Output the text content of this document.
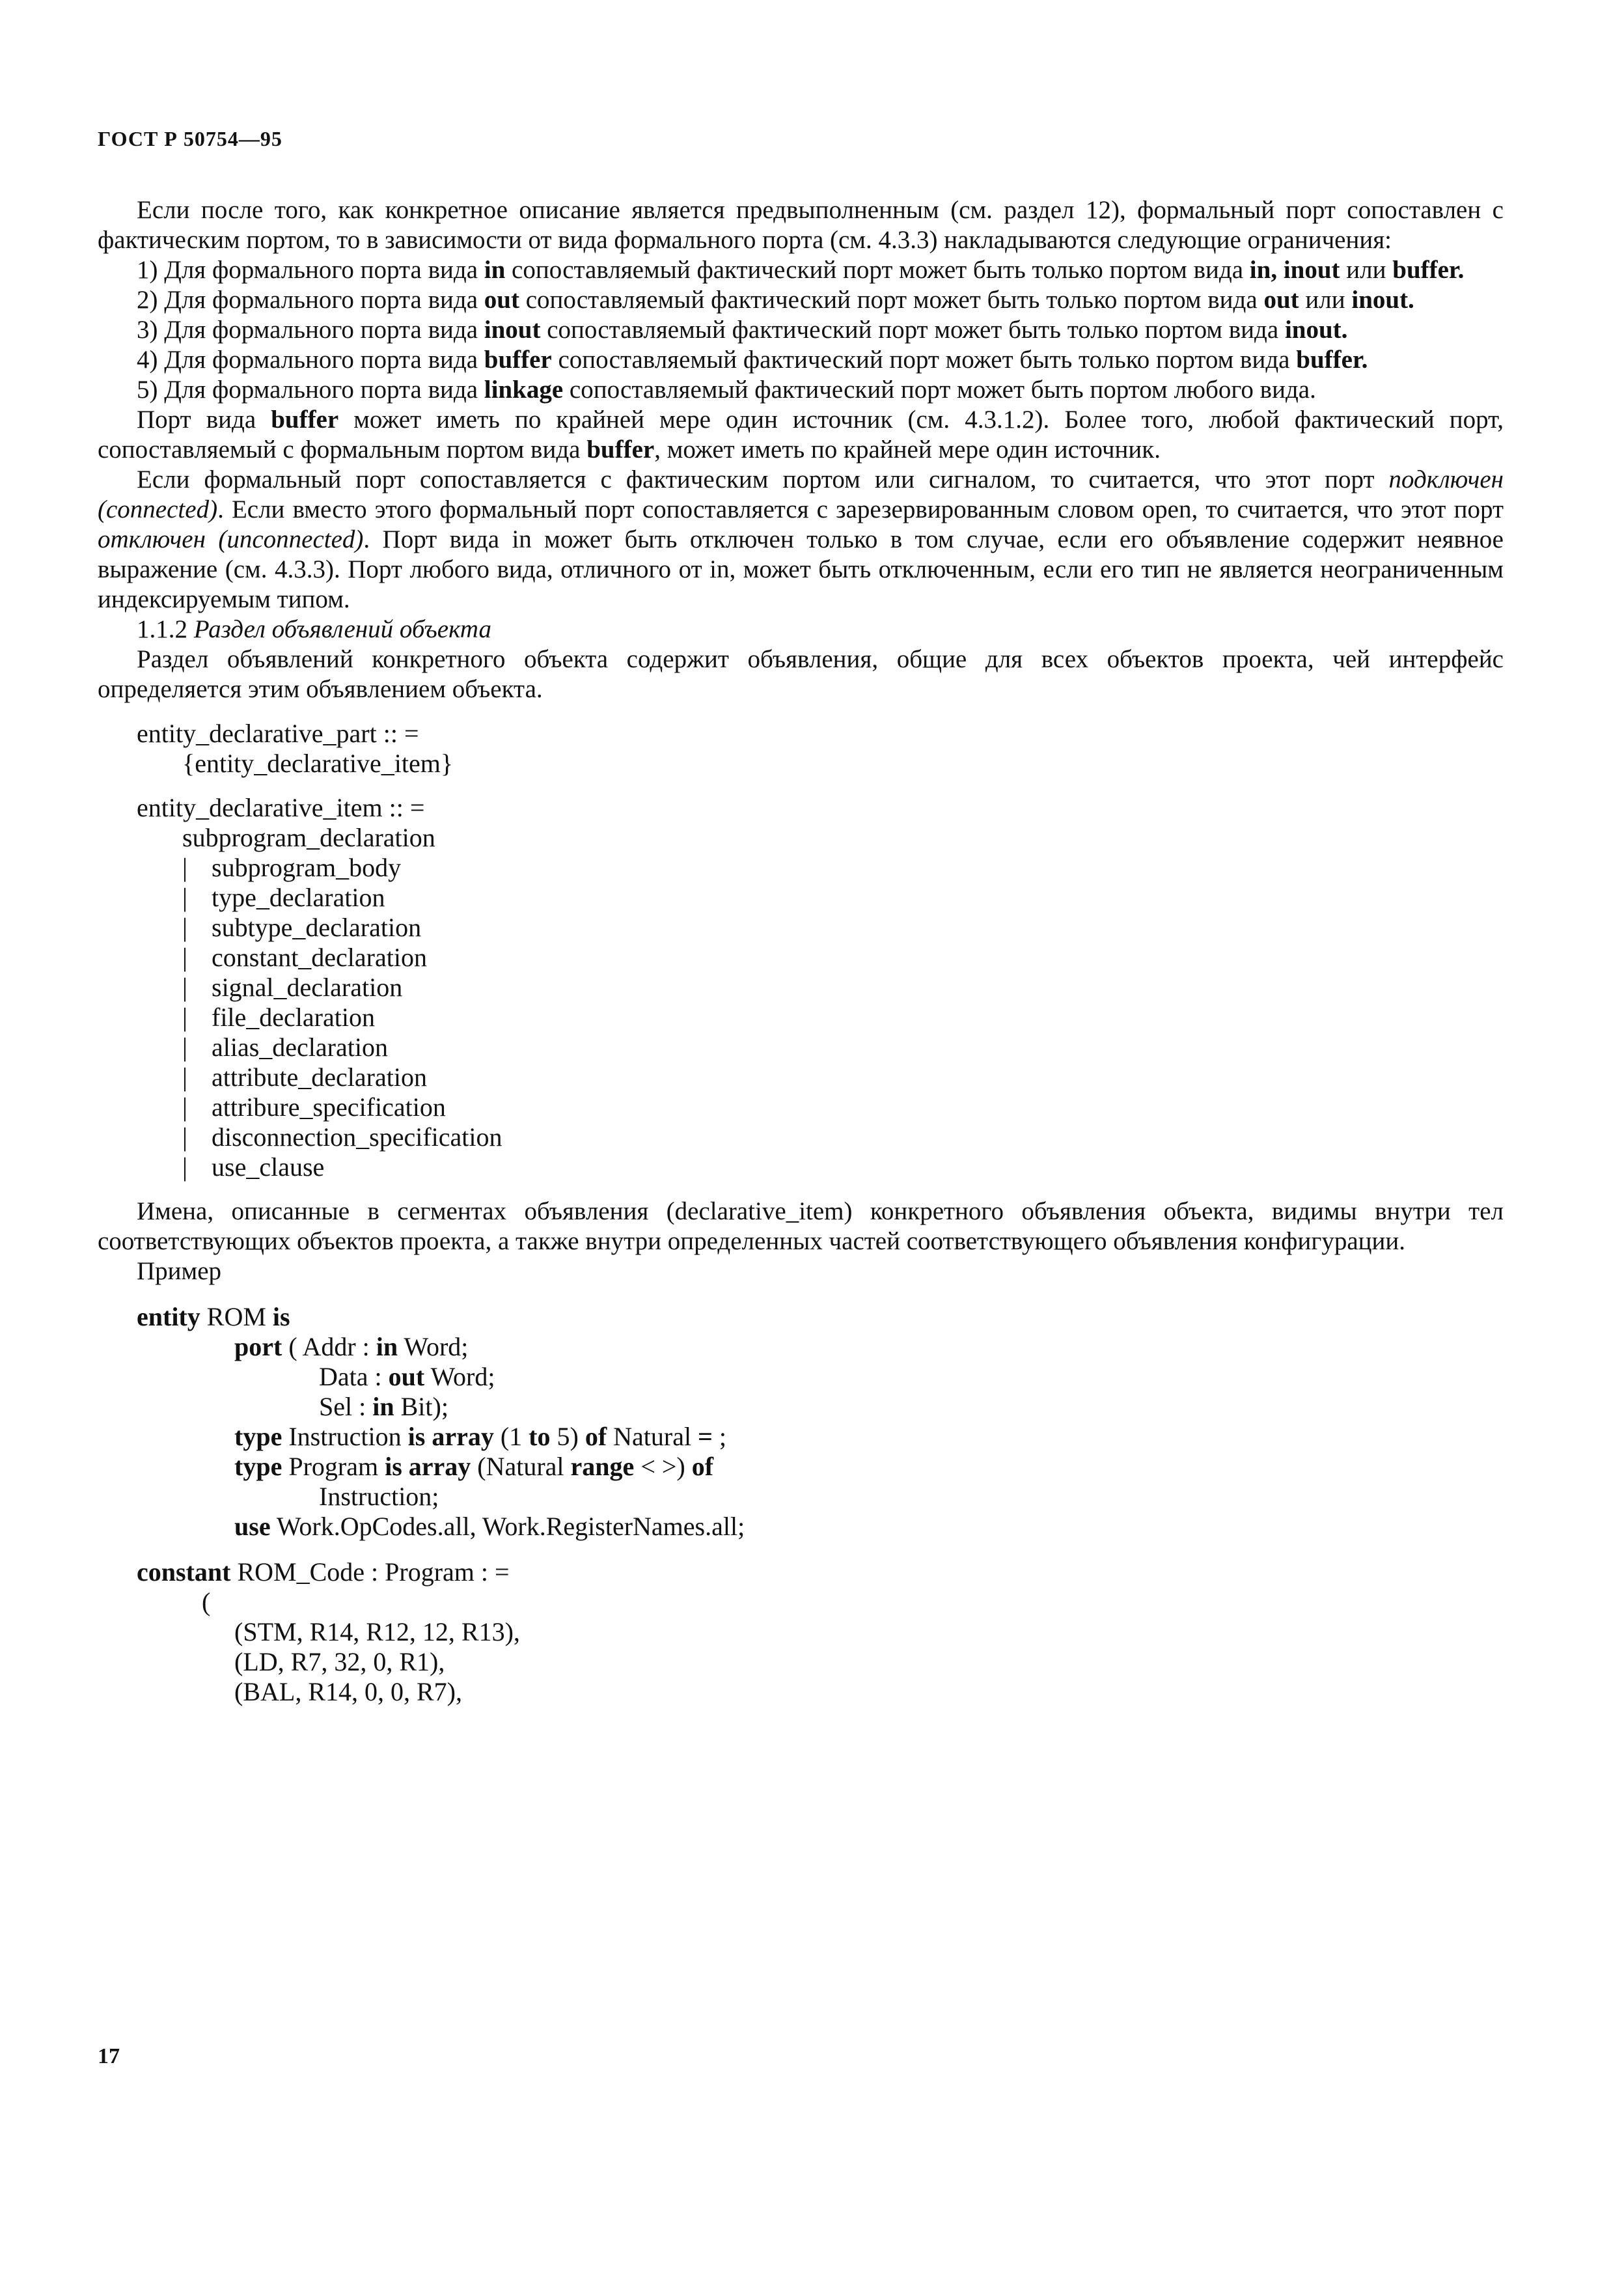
ГОСТ Р 50754—95

Если после того, как конкретное описание является предвыполненным (см. раздел 12), формальный порт сопоставлен с фактическим портом, то в зависимости от вида формального порта (см. 4.3.3) накладываются следующие ограничения:

1) Для формального порта вида in сопоставляемый фактический порт может быть только портом вида in, inout или buffer.

2) Для формального порта вида out сопоставляемый фактический порт может быть только портом вида out или inout.

3) Для формального порта вида inout сопоставляемый фактический порт может быть только портом вида inout.

4) Для формального порта вида buffer сопоставляемый фактический порт может быть только портом вида buffer.

5) Для формального порта вида linkage сопоставляемый фактический порт может быть портом любого вида.

Порт вида buffer может иметь по крайней мере один источник (см. 4.3.1.2). Более того, любой фактический порт, сопоставляемый с формальным портом вида buffer, может иметь по крайней мере один источник.

Если формальный порт сопоставляется с фактическим портом или сигналом, то считается, что этот порт подключен (connected). Если вместо этого формальный порт сопоставляется с зарезервированным словом open, то считается, что этот порт отключен (unconnected). Порт вида in может быть отключен только в том случае, если его объявление содержит неявное выражение (см. 4.3.3). Порт любого вида, отличного от in, может быть отключенным, если его тип не является неограниченным индексируемым типом.

1.1.2 Раздел объявлений объекта

Раздел объявлений конкретного объекта содержит объявления, общие для всех объектов проекта, чей интерфейс определяется этим объявлением объекта.

entity_declarative_part :: =
{entity_declarative_item}
entity_declarative_item :: =
subprogram_declaration
| subprogram_body
| type_declaration
| subtype_declaration
| constant_declaration
| signal_declaration
| file_declaration
| alias_declaration
| attribute_declaration
| attribure_specification
| disconnection_specification
| use_clause

Имена, описанные в сегментах объявления (declarative_item) конкретного объявления объекта, видимы внутри тел соответствующих объектов проекта, а также внутри определенных частей соответствующего объявления конфигурации.

Пример

entity ROM is
port ( Addr : in Word;
Data : out Word;
Sel : in Bit);
type Instruction is array (1 to 5) of Natural = ;
type Program is array (Natural range < >) of
Instruction;
use Work.OpCodes.all, Work.RegisterNames.all;
constant ROM_Code : Program : =
(
(STM, R14, R12, 12, R13),
(LD, R7, 32, 0, R1),
(BAL, R14, 0, 0, R7),
17
